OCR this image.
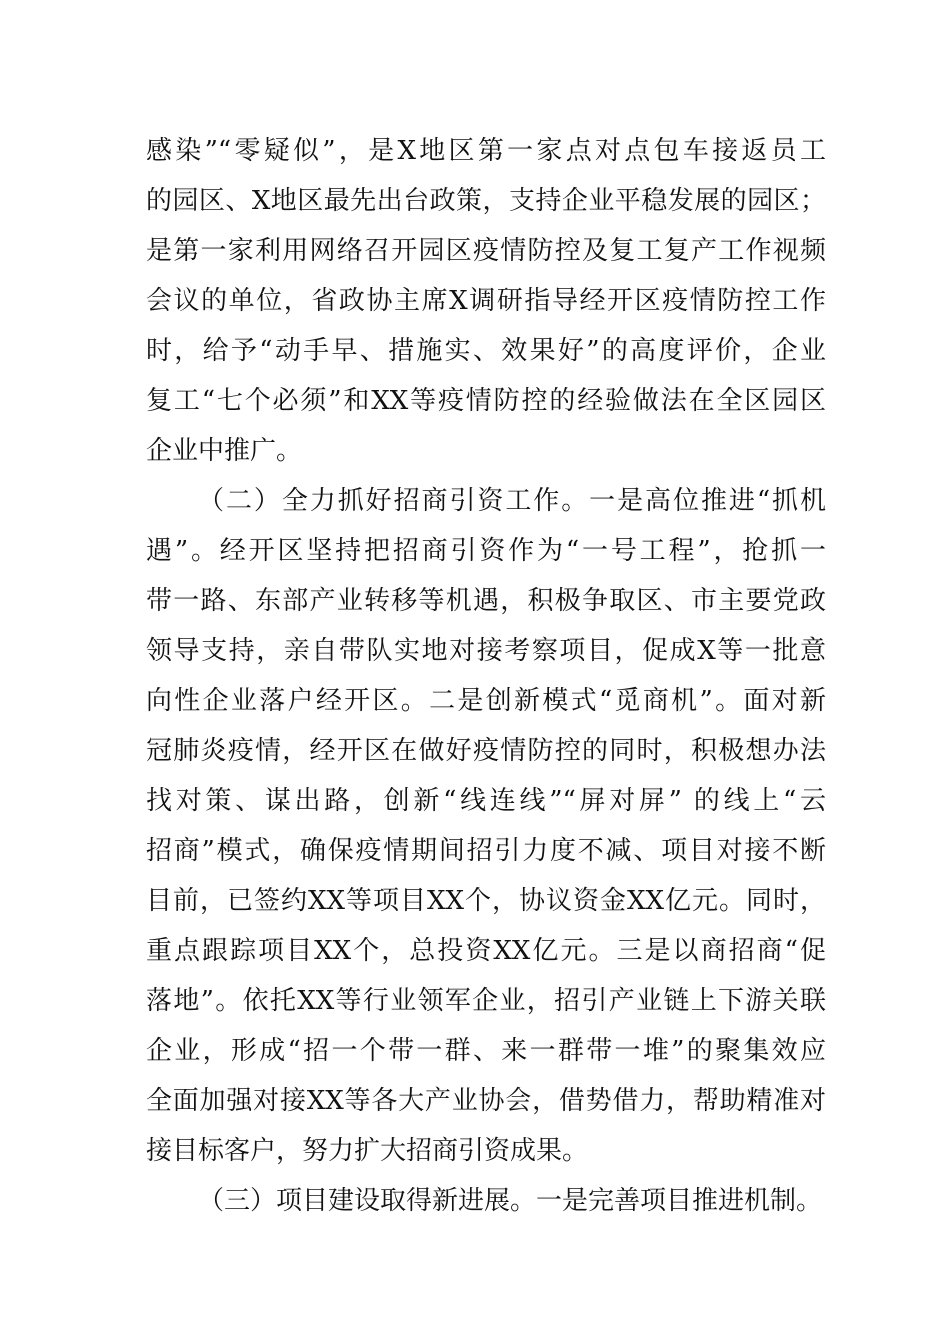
感染”“零疑似”，是X地区第一家点对点包车接返员工
的园区、X地区最先出台政策，支持企业平稳发展的园区；
是第一家利用网络召开园区疫情防控及复工复产工作视频
会议的单位，省政协主席X调研指导经开区疫情防控工作
时，给予“动手早、措施实、效果好”的高度评价，企业
复工“七个必须”和XX等疫情防控的经验做法在全区园区
企业中推广。
（二）全力抓好招商引资工作。一是高位推进“抓机
遇”。经开区坚持把招商引资作为“一号工程”，抢抓一
带一路、东部产业转移等机遇，积极争取区、市主要党政
领导支持，亲自带队实地对接考察项目，促成X等一批意
向性企业落户经开区。二是创新模式“觅商机”。面对新
冠肺炎疫情，经开区在做好疫情防控的同时，积极想办法
找对策、谋出路，创新“线连线”“屏对屏” 的线上“云
招商”模式，确保疫情期间招引力度不减、项目对接不断
目前，已签约XX等项目XX个，协议资金XX亿元。同时，
重点跟踪项目XX个，总投资XX亿元。三是以商招商“促
落地”。依托XX等行业领军企业，招引产业链上下游关联
企业，形成“招一个带一群、来一群带一堆”的聚集效应
全面加强对接XX等各大产业协会，借势借力，帮助精准对
接目标客户，努力扩大招商引资成果。
（三）项目建设取得新进展。一是完善项目推进机制。
